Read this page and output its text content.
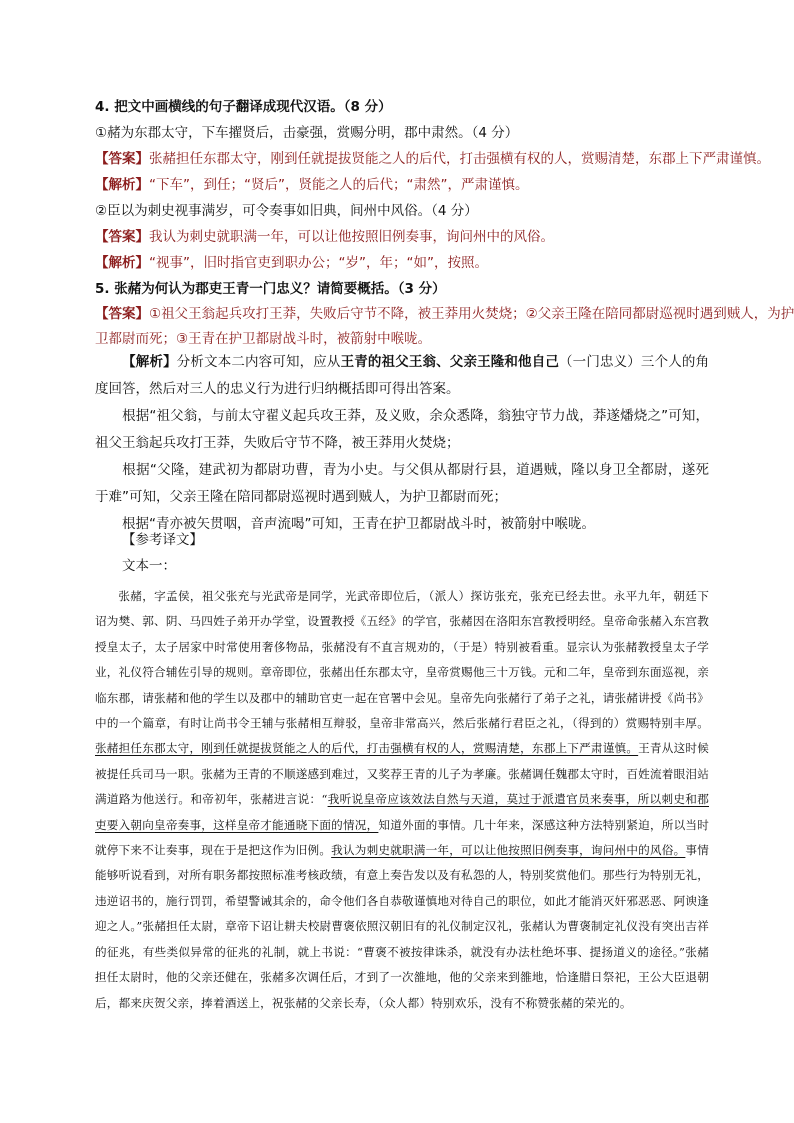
4. 把文中画横线的句子翻译成现代汉语。（8 分）
①赭为东郡太守，下车擢贤后，击豪强，赏赐分明，郡中肃然。（4 分）
【答案】张赭担任东郡太守，刚到任就提拔贤能之人的后代，打击强横有权的人，赏赐清楚，东郡上下严肃谨慎。
【解析】“下车”，到任；“贤后”，贤能之人的后代；“肃然”，严肃谨慎。
②臣以为刺史视事满岁，可令奏事如旧典，间州中风俗。（4 分）
【答案】我认为刺史就职满一年，可以让他按照旧例奏事，询问州中的风俗。
【解析】“视事”，旧时指官吏到职办公；“岁”，年；“如”，按照。
5. 张赭为何认为郡吏王青一门忠义？请简要概括。（3 分）
【答案】①祖父王翁起兵攻打王莽，失败后守节不降，被王莽用火焚烧；②父亲王隆在陪同都尉巡视时遇到贼人，为护
卫都尉而死；③王青在护卫都尉战斗时，被箭射中喉咙。
【解析】分析文本二内容可知，应从王青的祖父王翁、父亲王隆和他自己（一门忠义）三个人的角度回答，然后对三人的忠义行为进行归纳概括即可得出答案。
根据“祖父翁，与前太守翟义起兵攻王莽，及义败，余众悉降，翁独守节力战，莽遂燔烧之”可知，祖父王翁起兵攻打王莽，失败后守节不降，被王莽用火焚烧；
根据“父隆，建武初为都尉功曹，青为小史。与父俱从都尉行县，道遇贼，隆以身卫全都尉，遂死于难”可知，父亲王隆在陪同都尉巡视时遇到贼人，为护卫都尉而死；
根据“青亦被矢贯咽，音声流喝”可知，王青在护卫都尉战斗时，被箭射中喉咙。
【参考译文】
文本一：
张赭，字孟侯，祖父张充与光武帝是同学，光武帝即位后，（派人）探访张充，张充已经去世。永平九年，朝廷下诏为樊、郭、阴、马四姓子弟开办学堂，设置教授《五经》的学官，张赭因在洛阳东宫教授明经。皇帝命张赭入东宫教授皇太子，太子居家中时常使用奢侈物品，张赭没有不直言规劝的，（于是）特别被看重。显宗认为张赭教授皇太子学业，礼仪符合辅佐引导的规则。章帝即位，张赭出任东郡太守，皇帝赏赐他三十万钱。元和二年，皇帝到东面巡视，亲临东郡，请张赭和他的学生以及郡中的辅助官吏一起在官署中会见。皇帝先向张赭行了弟子之礼，请张赭讲授《尚书》中的一个篇章，有时让尚书令王辅与张赭相互辩驳，皇帝非常高兴，然后张赭行君臣之礼，（得到的）赏赐特别丰厚。张赭担任东郡太守，刚到任就提拔贤能之人的后代，打击强横有权的人，赏赐清楚，东郡上下严肃谨慎。王青从这时候被提任兵司马一职。张赭为王青的不顺遂感到难过，又奖荐王青的儿子为孝廉。张赭调任魏郡太守时，百姓流着眼泪站满道路为他送行。和帝初年，张赭进言说：“我听说皇帝应该效法自然与天道，莫过于派遣官员来奏事，所以刺史和郡吏要入朝向皇帝奏事，这样皇帝才能通晓下面的情况，知道外面的事情。几十年来，深感这种方法特别紧迫，所以当时就停下来不让奏事，现在于是把这作为旧例。我认为刺史就职满一年，可以让他按照旧例奏事，询问州中的风俗。事情能够听说看到，对所有职务都按照标准考核政绩，有意上奏告发以及有私怨的人，特别奖赏他们。那些行为特别无礼，违逆诏书的，施行罚罚，希望警诫其余的，命令他们各自恭敬谨慎地对待自己的职位，如此才能消灭奸邪恶恶、阿谀逢迎之人。”张赭担任太尉，章帝下诏让耕夫校尉曹褒依照汉朝旧有的礼仪制定汉礼，张赭认为曹褒制定礼仪没有突出吉祥的征兆，有些类似异常的征兆的礼制，就上书说：“曹褒不被按律诛杀，就没有办法杜绝坏事、提扬道义的途径。”张赭担任太尉时，他的父亲还健在，张赭多次调任后，才到了一次雒地，他的父亲来到雒地，恰逢腊日祭祀，王公大臣退朝后，都来庆贺父亲，捧着酒送上，祝张赭的父亲长寿，（众人都）特别欢乐，没有不称赞张赭的荣光的。
